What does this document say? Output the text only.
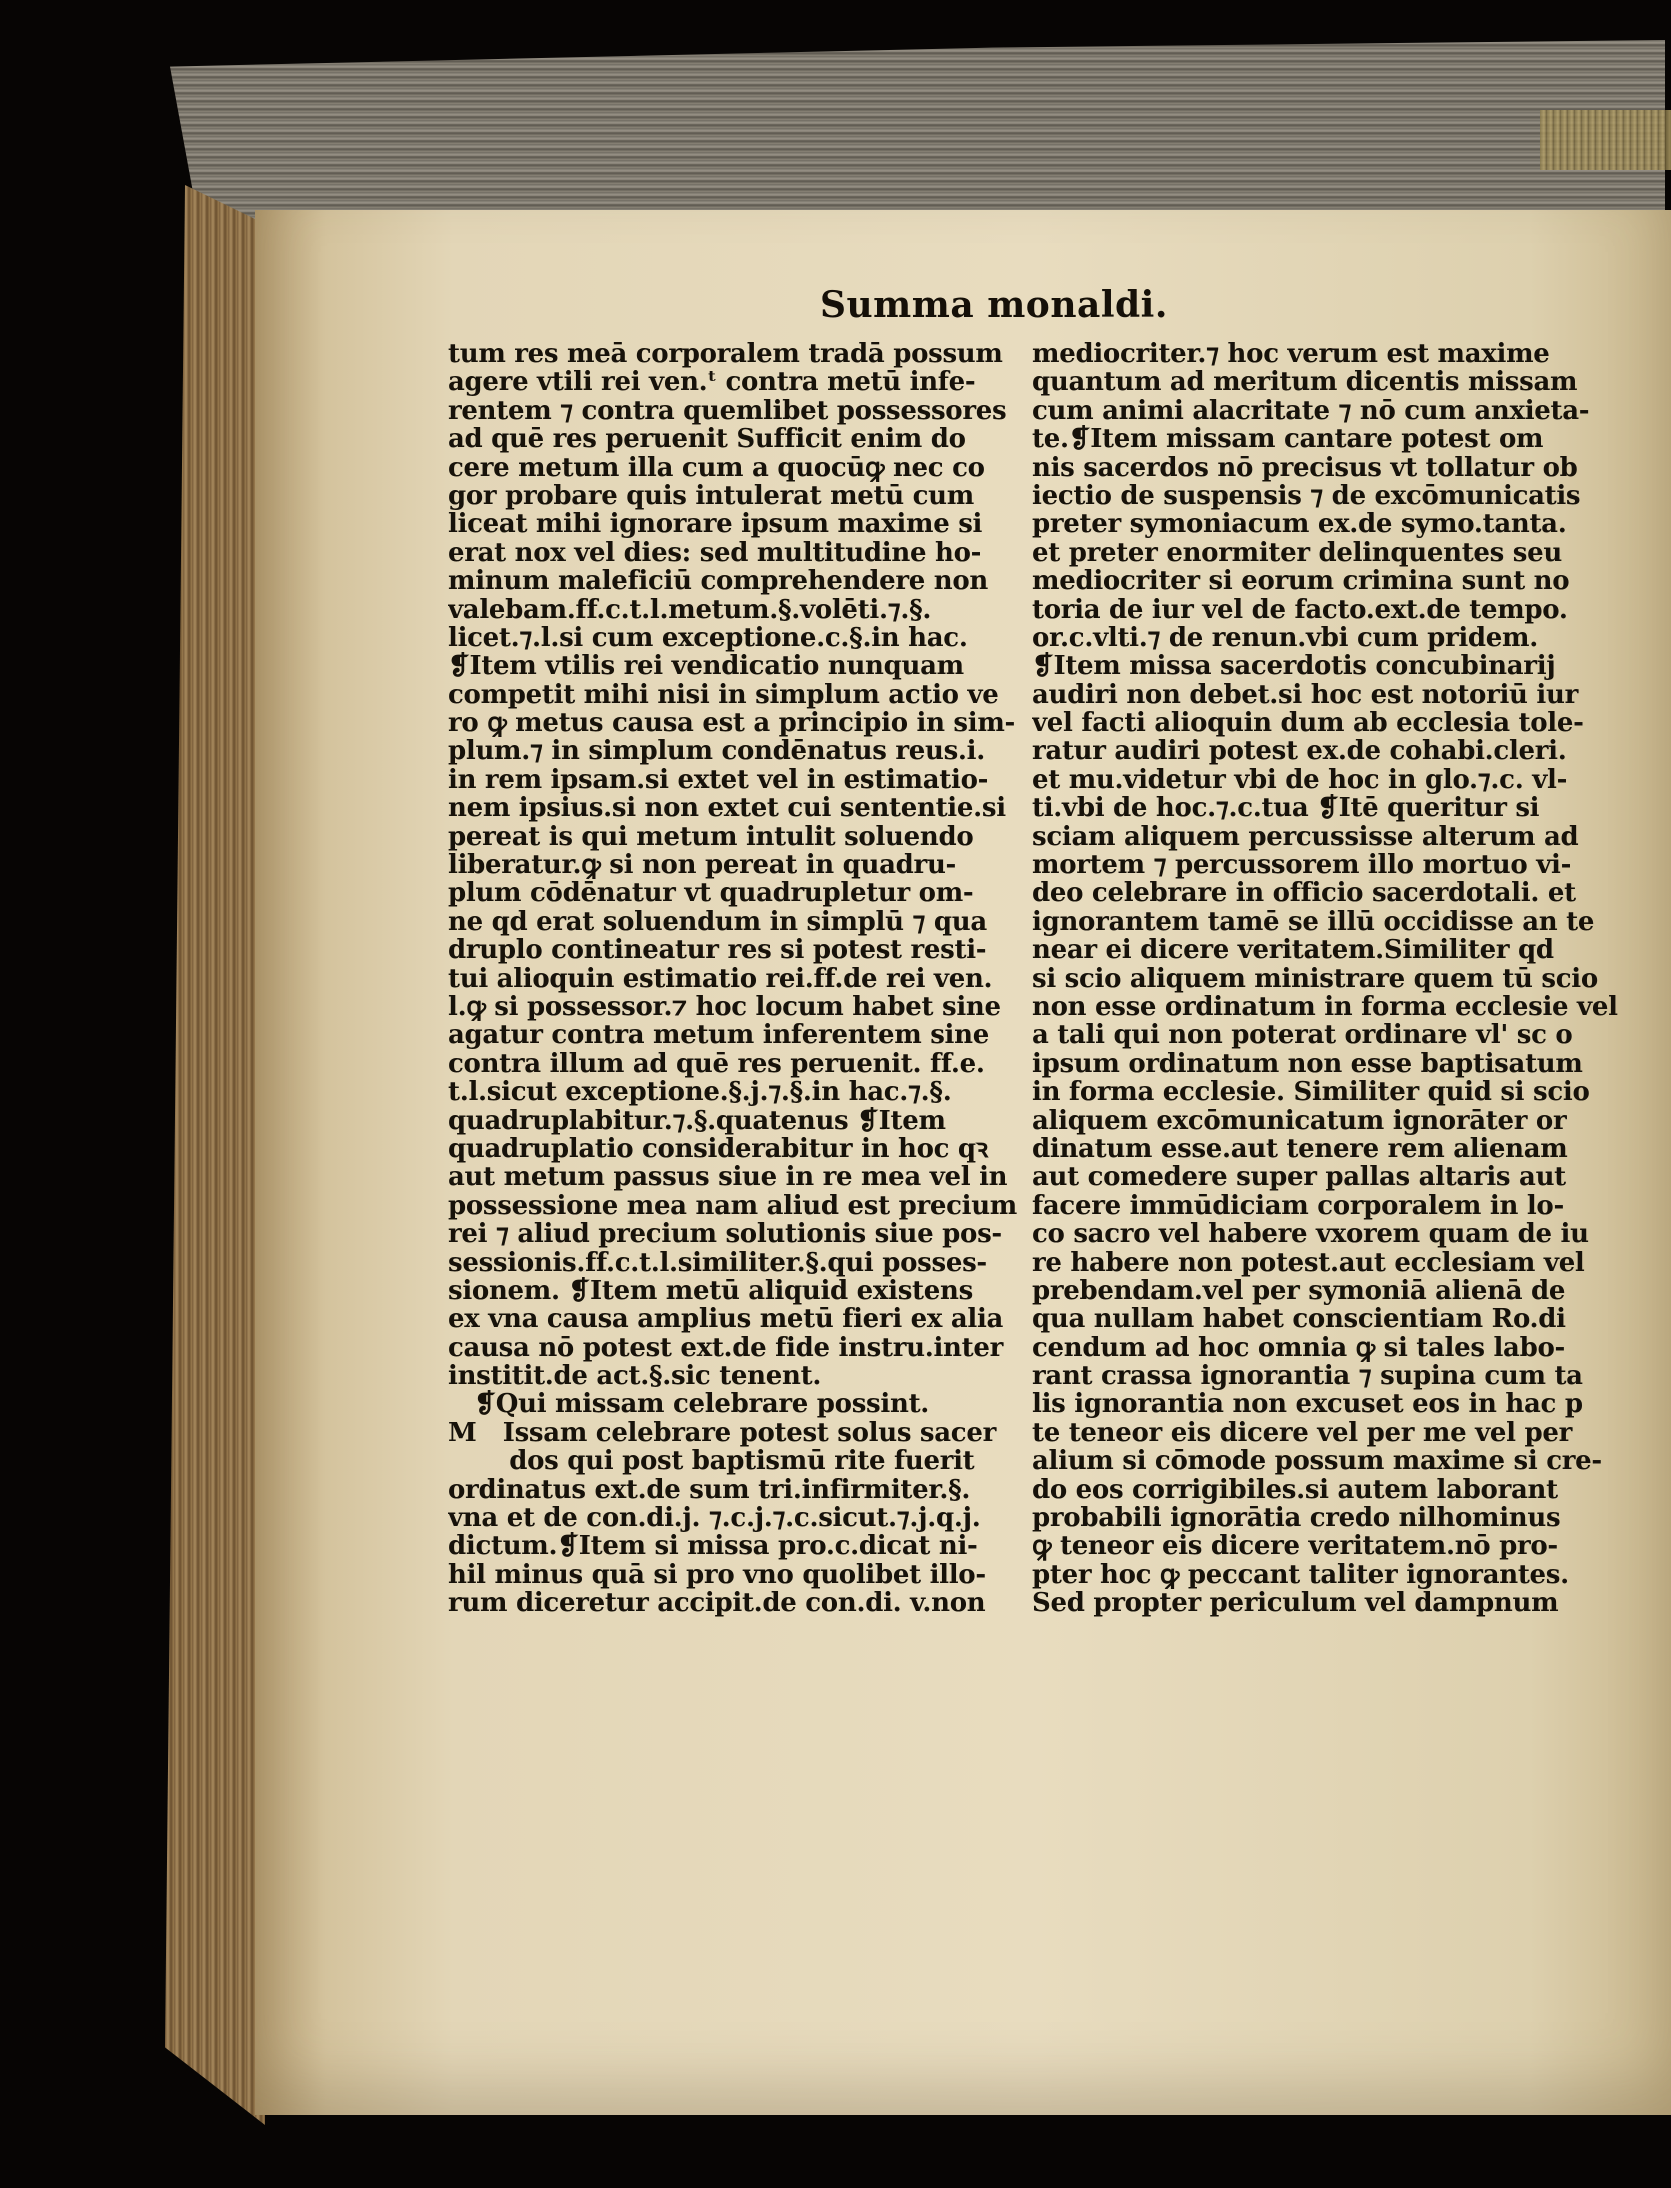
Summa monaldi.
tum res meā corporalem tradā possum
agere vtili rei ven.ᵗ contra metū infe-
rentem ⁊ contra quemlibet possessores
ad quē res peruenit Sufficit enim do
cere metum illa cum a quocūꝙ nec co
gor probare quis intulerat metū cum
liceat mihi ignorare ipsum maxime si
erat nox vel dies: sed multitudine ho-
minum maleficiū comprehendere non
valebam.ff.c.t.l.metum.§.volēti.⁊.§.
licet.⁊.l.si cum exceptione.c.§.in hac.
❡Item vtilis rei vendicatio nunquam
competit mihi nisi in simplum actio ve
ro ꝙ metus causa est a principio in sim-
plum.⁊ in simplum condēnatus reus.i.
in rem ipsam.si extet vel in estimatio-
nem ipsius.si non extet cui sententie.si
pereat is qui metum intulit soluendo
liberatur.ꝙ si non pereat in quadru-
plum cōdēnatur vt quadrupletur om-
ne qd erat soluendum in simplū ⁊ qua
druplo contineatur res si potest resti-
tui alioquin estimatio rei.ff.de rei ven.
l.ꝙ si possessor.⁊ hoc locum habet sine
agatur contra metum inferentem sine
contra illum ad quē res peruenit. ff.e.
t.l.sicut exceptione.§.j.⁊.§.in hac.⁊.§.
quadruplabitur.⁊.§.quatenus ❡Item
quadruplatio considerabitur in hoc qꝛ
aut metum passus siue in re mea vel in
possessione mea nam aliud est precium
rei ⁊ aliud precium solutionis siue pos-
sessionis.ff.c.t.l.similiter.§.qui posses-
sionem. ❡Item metū aliquid existens
ex vna causa amplius metū fieri ex alia
causa nō potest ext.de fide instru.inter
institit.de act.§.sic tenent.
❡Qui missam celebrare possint.
M   Issam celebrare potest solus sacer
dos qui post baptismū rite fuerit
ordinatus ext.de sum tri.infirmiter.§.
vna et de con.di.j. ⁊.c.j.⁊.c.sicut.⁊.j.q.j.
dictum.❡Item si missa pro.c.dicat ni-
hil minus quā si pro vno quolibet illo-
rum diceretur accipit.de con.di. v.non
mediocriter.⁊ hoc verum est maxime
quantum ad meritum dicentis missam
cum animi alacritate ⁊ nō cum anxieta-
te.❡Item missam cantare potest om
nis sacerdos nō precisus vt tollatur ob
iectio de suspensis ⁊ de excōmunicatis
preter symoniacum ex.de symo.tanta.
et preter enormiter delinquentes seu
mediocriter si eorum crimina sunt no
toria de iur vel de facto.ext.de tempo.
or.c.vlti.⁊ de renun.vbi cum pridem.
❡Item missa sacerdotis concubinarij
audiri non debet.si hoc est notoriū iur
vel facti alioquin dum ab ecclesia tole-
ratur audiri potest ex.de cohabi.cleri.
et mu.videtur vbi de hoc in glo.⁊.c. vl-
ti.vbi de hoc.⁊.c.tua ❡Itē queritur si
sciam aliquem percussisse alterum ad
mortem ⁊ percussorem illo mortuo vi-
deo celebrare in officio sacerdotali. et
ignorantem tamē se illū occidisse an te
near ei dicere veritatem.Similiter qd
si scio aliquem ministrare quem tū scio
non esse ordinatum in forma ecclesie vel
a tali qui non poterat ordinare vl' sc o
ipsum ordinatum non esse baptisatum
in forma ecclesie. Similiter quid si scio
aliquem excōmunicatum ignorāter or
dinatum esse.aut tenere rem alienam
aut comedere super pallas altaris aut
facere immūdiciam corporalem in lo-
co sacro vel habere vxorem quam de iu
re habere non potest.aut ecclesiam vel
prebendam.vel per symoniā alienā de
qua nullam habet conscientiam Ro.di
cendum ad hoc omnia ꝙ si tales labo-
rant crassa ignorantia ⁊ supina cum ta
lis ignorantia non excuset eos in hac p
te teneor eis dicere vel per me vel per
alium si cōmode possum maxime si cre-
do eos corrigibiles.si autem laborant
probabili ignorātia credo nilhominus
ꝙ teneor eis dicere veritatem.nō pro-
pter hoc ꝙ peccant taliter ignorantes.
Sed propter periculum vel dampnum
